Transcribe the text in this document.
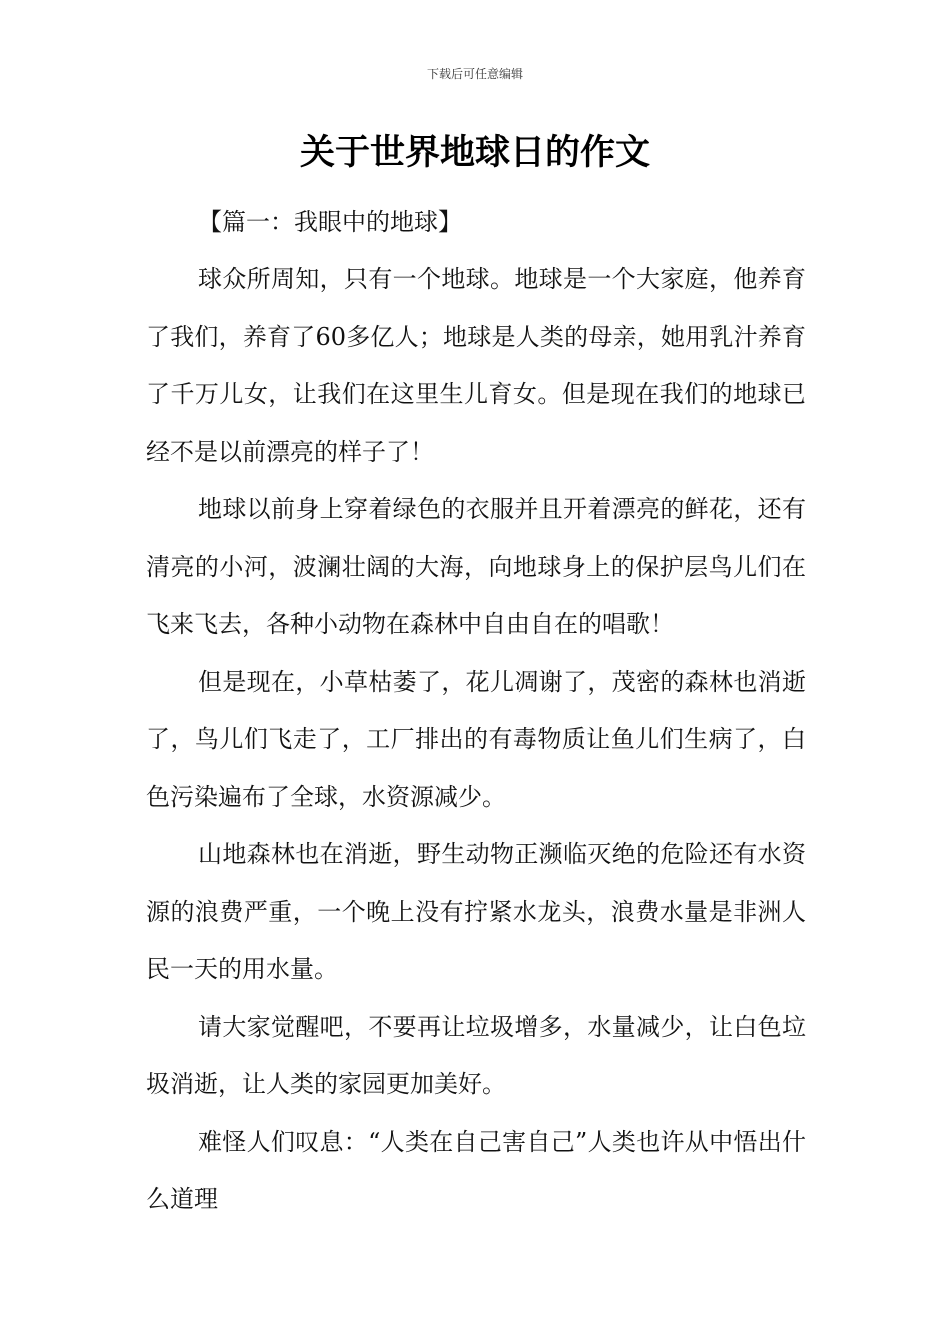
下载后可任意编辑
关于世界地球日的作文

【篇一：我眼中的地球】

球众所周知，只有一个地球。地球是一个大家庭，他养育了我们，养育了60多亿人；地球是人类的母亲，她用乳汁养育了千万儿女，让我们在这里生儿育女。但是现在我们的地球已经不是以前漂亮的样子了！

地球以前身上穿着绿色的衣服并且开着漂亮的鲜花，还有清亮的小河，波澜壮阔的大海，向地球身上的保护层鸟儿们在飞来飞去，各种小动物在森林中自由自在的唱歌！

但是现在，小草枯萎了，花儿凋谢了，茂密的森林也消逝了，鸟儿们飞走了，工厂排出的有毒物质让鱼儿们生病了，白色污染遍布了全球，水资源减少。

山地森林也在消逝，野生动物正濒临灭绝的危险还有水资源的浪费严重，一个晚上没有拧紧水龙头，浪费水量是非洲人民一天的用水量。

请大家觉醒吧，不要再让垃圾增多，水量减少，让白色垃圾消逝，让人类的家园更加美好。

难怪人们叹息：“人类在自己害自己”人类也许从中悟出什么道理
